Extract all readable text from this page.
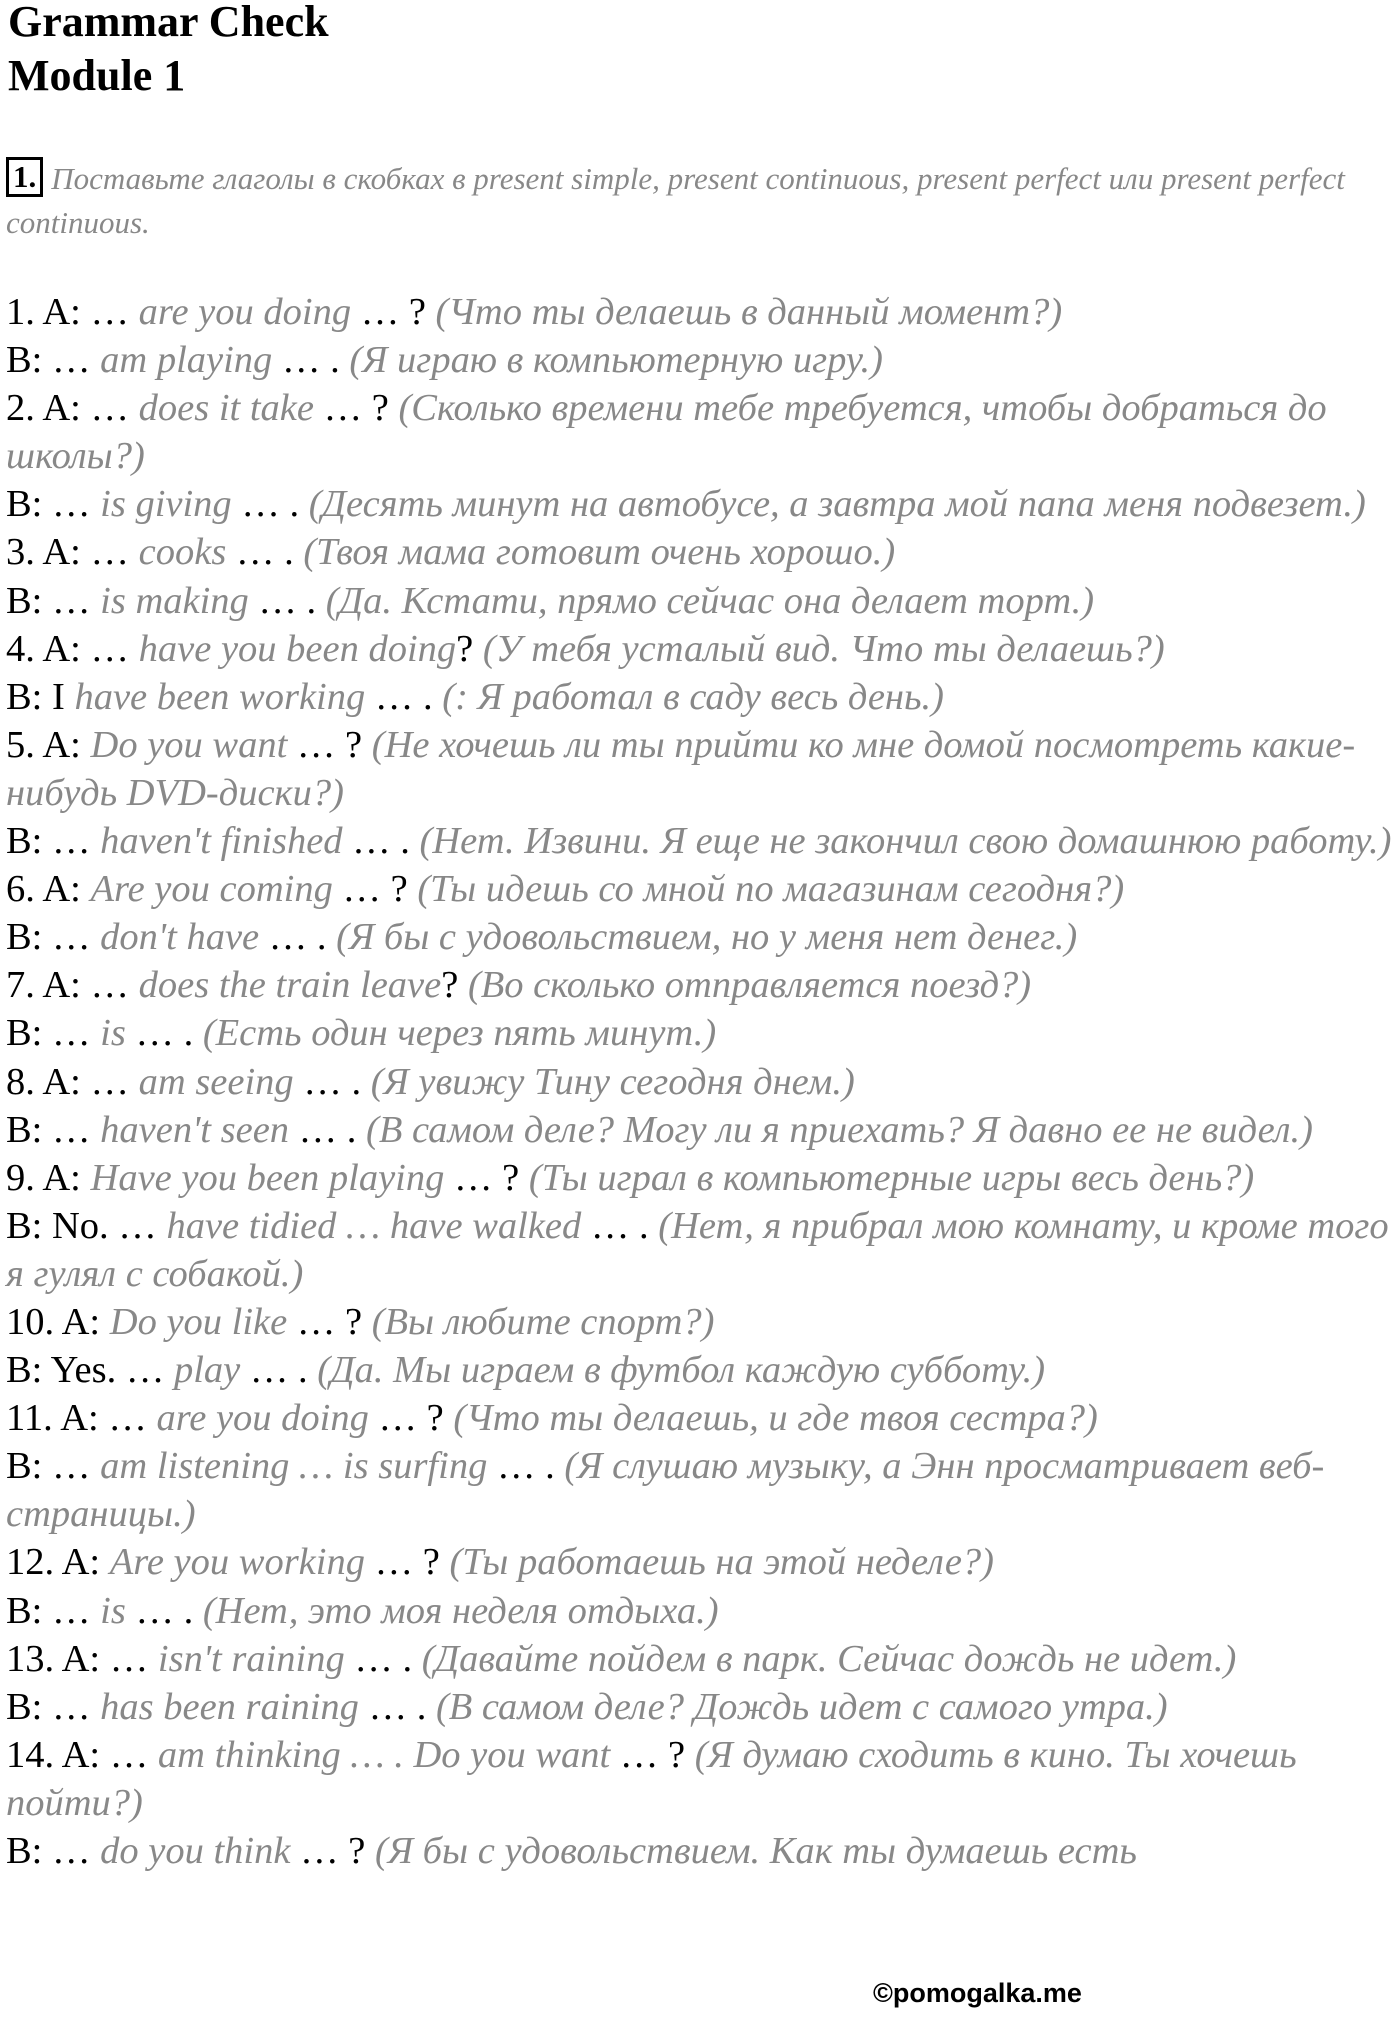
Grammar Check
Module 1
1. Поставьте глаголы в скобках в present simple, present continuous, present perfect или present perfect continuous.
1. A: … are you doing … ? (Что ты делаешь в данный момент?)
B: … am playing … . (Я играю в компьютерную игру.)
2. A: … does it take … ? (Сколько времени тебе требуется, чтобы добраться до школы?)
B: … is giving … . (Десять минут на автобусе, а завтра мой папа меня подвезет.)
3. A: … cooks … . (Твоя мама готовит очень хорошо.)
B: … is making … . (Да. Кстати, прямо сейчас она делает торт.)
4. A: … have you been doing? (У тебя усталый вид. Что ты делаешь?)
B: I have been working … . (: Я работал в саду весь день.)
5. A: Do you want … ? (Не хочешь ли ты прийти ко мне домой посмотреть какие-нибудь DVD-диски?)
B: … haven't finished … . (Нет. Извини. Я еще не закончил свою домашнюю работу.)
6. A: Are you coming … ? (Ты идешь со мной по магазинам сегодня?)
B: … don't have … . (Я бы с удовольствием, но у меня нет денег.)
7. A: … does the train leave? (Во сколько отправляется поезд?)
B: … is … . (Есть один через пять минут.)
8. A: … am seeing … . (Я увижу Тину сегодня днем.)
B: … haven't seen … . (В самом деле? Могу ли я приехать? Я давно ее не видел.)
9. A: Have you been playing … ? (Ты играл в компьютерные игры весь день?)
B: No. … have tidied … have walked … . (Нет, я прибрал мою комнату, и кроме того я гулял с собакой.)
10. A: Do you like … ? (Вы любите спорт?)
B: Yes. … play … . (Да. Мы играем в футбол каждую субботу.)
11. A: … are you doing … ? (Что ты делаешь, и где твоя сестра?)
B: … am listening … is surfing … . (Я слушаю музыку, а Энн просматривает веб-страницы.)
12. A: Are you working … ? (Ты работаешь на этой неделе?)
B: … is … . (Нет, это моя неделя отдыха.)
13. A: … isn't raining … . (Давайте пойдем в парк. Сейчас дождь не идет.)
B: … has been raining … . (В самом деле? Дождь идет с самого утра.)
14. A: … am thinking … . Do you want … ? (Я думаю сходить в кино. Ты хочешь пойти?)
B: … do you think … ? (Я бы с удовольствием. Как ты думаешь есть
©pomogalka.me
